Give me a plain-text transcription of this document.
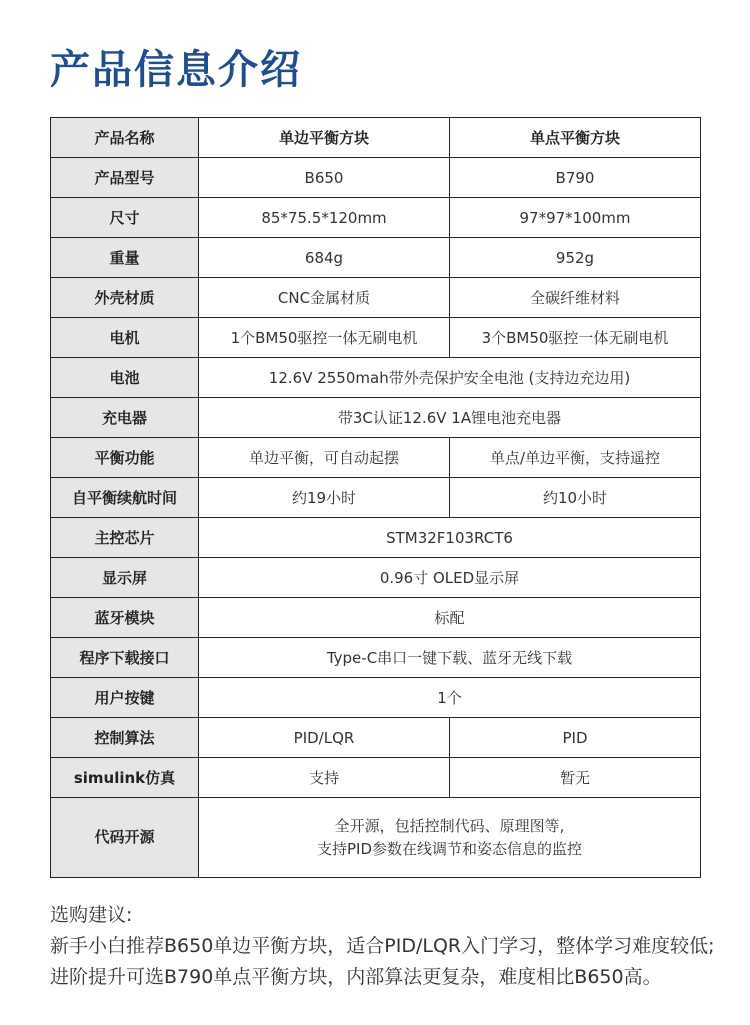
产品信息介绍
产品名称	单边平衡方块	单点平衡方块
产品型号	B650	B790
尺寸	85*75.5*120mm	97*97*100mm
重量	684g	952g
外壳材质	CNC金属材质	全碳纤维材料
电机	1个BM50驱控一体无刷电机	3个BM50驱控一体无刷电机
电池	12.6V 2550mah带外壳保护安全电池 (支持边充边用)	
充电器	带3C认证12.6V 1A锂电池充电器	
平衡功能	单边平衡，可自动起摆	单点/单边平衡，支持遥控
自平衡续航时间	约19小时	约10小时
主控芯片	STM32F103RCT6	
显示屏	0.96寸 OLED显示屏	
蓝牙模块	标配	
程序下载接口	Type-C串口一键下载、蓝牙无线下载	
用户按键	1个	
控制算法	PID/LQR	PID
simulink仿真	支持	暂无
代码开源	全开源，包括控制代码、原理图等,
支持PID参数在线调节和姿态信息的监控	
选购建议:
新手小白推荐B650单边平衡方块，适合PID/LQR入门学习，整体学习难度较低;
进阶提升可选B790单点平衡方块，内部算法更复杂，难度相比B650高。
